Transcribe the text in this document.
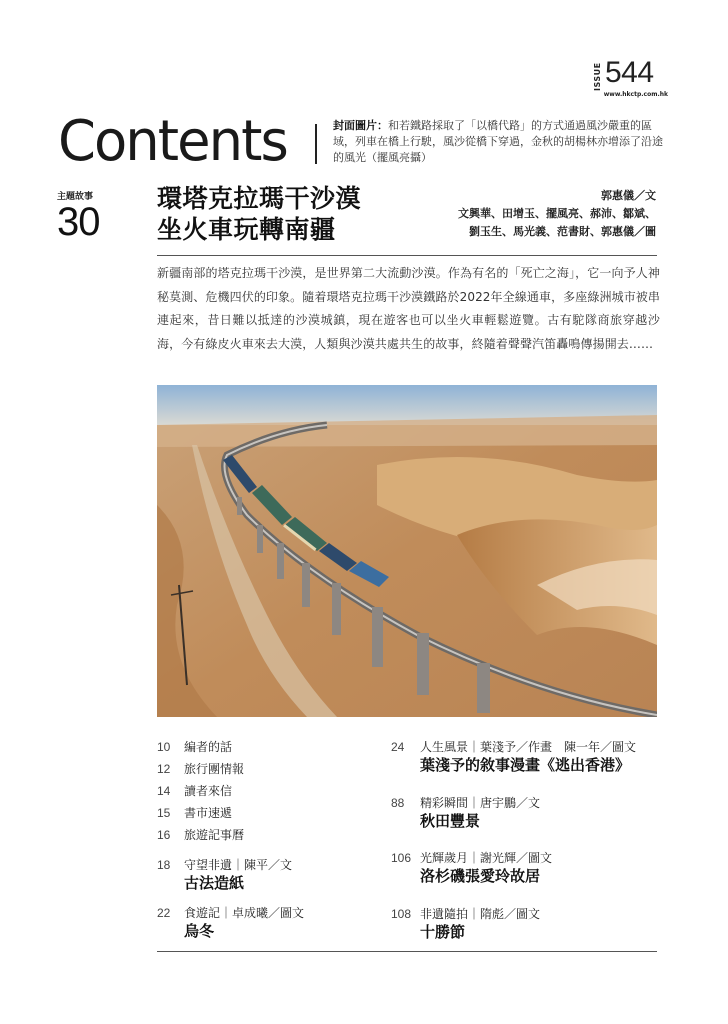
ISSUE 544
www.hkctp.com.hk
Contents	封面圖片：和若鐵路採取了「以橋代路」的方式通過風沙嚴重的區域，列車在橋上行駛，風沙從橋下穿過，金秋的胡楊林亦增添了沿途的風光（擺風亮攝）
主題故事
30
環塔克拉瑪干沙漠
坐火車玩轉南疆
郭惠儀／文
文興華、田增玉、擺風亮、郝沛、鄒斌、
劉玉生、馬光義、范書財、郭惠儀／圖
新疆南部的塔克拉瑪干沙漠，是世界第二大流動沙漠。作為有名的「死亡之海」，它一向予人神秘莫測、危機四伏的印象。隨着環塔克拉瑪干沙漠鐵路於2022年全線通車，多座綠洲城市被串連起來，昔日難以抵達的沙漠城鎮，現在遊客也可以坐火車輕鬆遊覽。古有駝隊商旅穿越沙海，今有綠皮火車來去大漠，人類與沙漠共處共生的故事，終隨着聲聲汽笛轟鳴傳揚開去……
10 編者的話
12 旅行團情報
14 讀者來信
15 書市速遞
16 旅遊記事曆
18 守望非遺｜陳平／文
古法造紙
22 食遊記｜卓成曦／圖文
烏冬
24 人生風景｜葉淺予／作畫　陳一年／圖文
葉淺予的敘事漫畫《逃出香港》
88 精彩瞬間｜唐宇鵬／文
秋田豐景
106 光輝歲月｜謝光輝／圖文
洛杉磯張愛玲故居
108 非遺隨拍｜隋彪／圖文
十勝節
